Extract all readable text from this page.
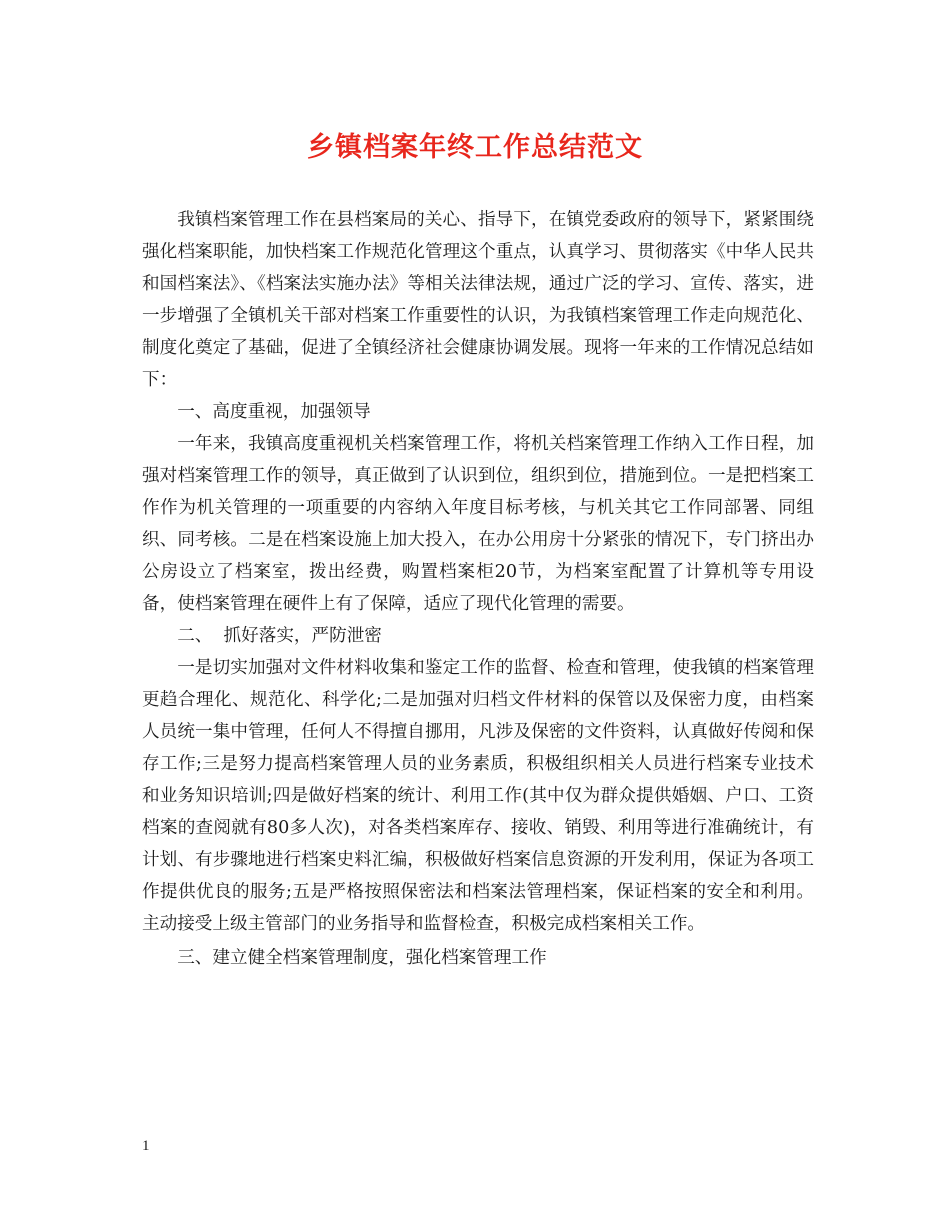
乡镇档案年终工作总结范文

我镇档案管理工作在县档案局的关心、指导下，在镇党委政府的领导下，紧紧围绕强化档案职能，加快档案工作规范化管理这个重点，认真学习、贯彻落实《中华人民共和国档案法》、《档案法实施办法》等相关法律法规，通过广泛的学习、宣传、落实，进一步增强了全镇机关干部对档案工作重要性的认识，为我镇档案管理工作走向规范化、制度化奠定了基础，促进了全镇经济社会健康协调发展。现将一年来的工作情况总结如下：

一、高度重视，加强领导

一年来，我镇高度重视机关档案管理工作，将机关档案管理工作纳入工作日程，加强对档案管理工作的领导，真正做到了认识到位，组织到位，措施到位。一是把档案工作作为机关管理的一项重要的内容纳入年度目标考核，与机关其它工作同部署、同组织、同考核。二是在档案设施上加大投入，在办公用房十分紧张的情况下，专门挤出办公房设立了档案室，拨出经费，购置档案柜20节，为档案室配置了计算机等专用设备，使档案管理在硬件上有了保障，适应了现代化管理的需要。

二、  抓好落实，严防泄密

一是切实加强对文件材料收集和鉴定工作的监督、检查和管理，使我镇的档案管理更趋合理化、规范化、科学化;二是加强对归档文件材料的保管以及保密力度，由档案人员统一集中管理，任何人不得擅自挪用，凡涉及保密的文件资料，认真做好传阅和保存工作;三是努力提高档案管理人员的业务素质，积极组织相关人员进行档案专业技术和业务知识培训;四是做好档案的统计、利用工作(其中仅为群众提供婚姻、户口、工资档案的查阅就有80多人次)，对各类档案库存、接收、销毁、利用等进行准确统计，有计划、有步骤地进行档案史料汇编，积极做好档案信息资源的开发利用，保证为各项工作提供优良的服务;五是严格按照保密法和档案法管理档案，保证档案的安全和利用。主动接受上级主管部门的业务指导和监督检查，积极完成档案相关工作。

三、建立健全档案管理制度，强化档案管理工作

1
